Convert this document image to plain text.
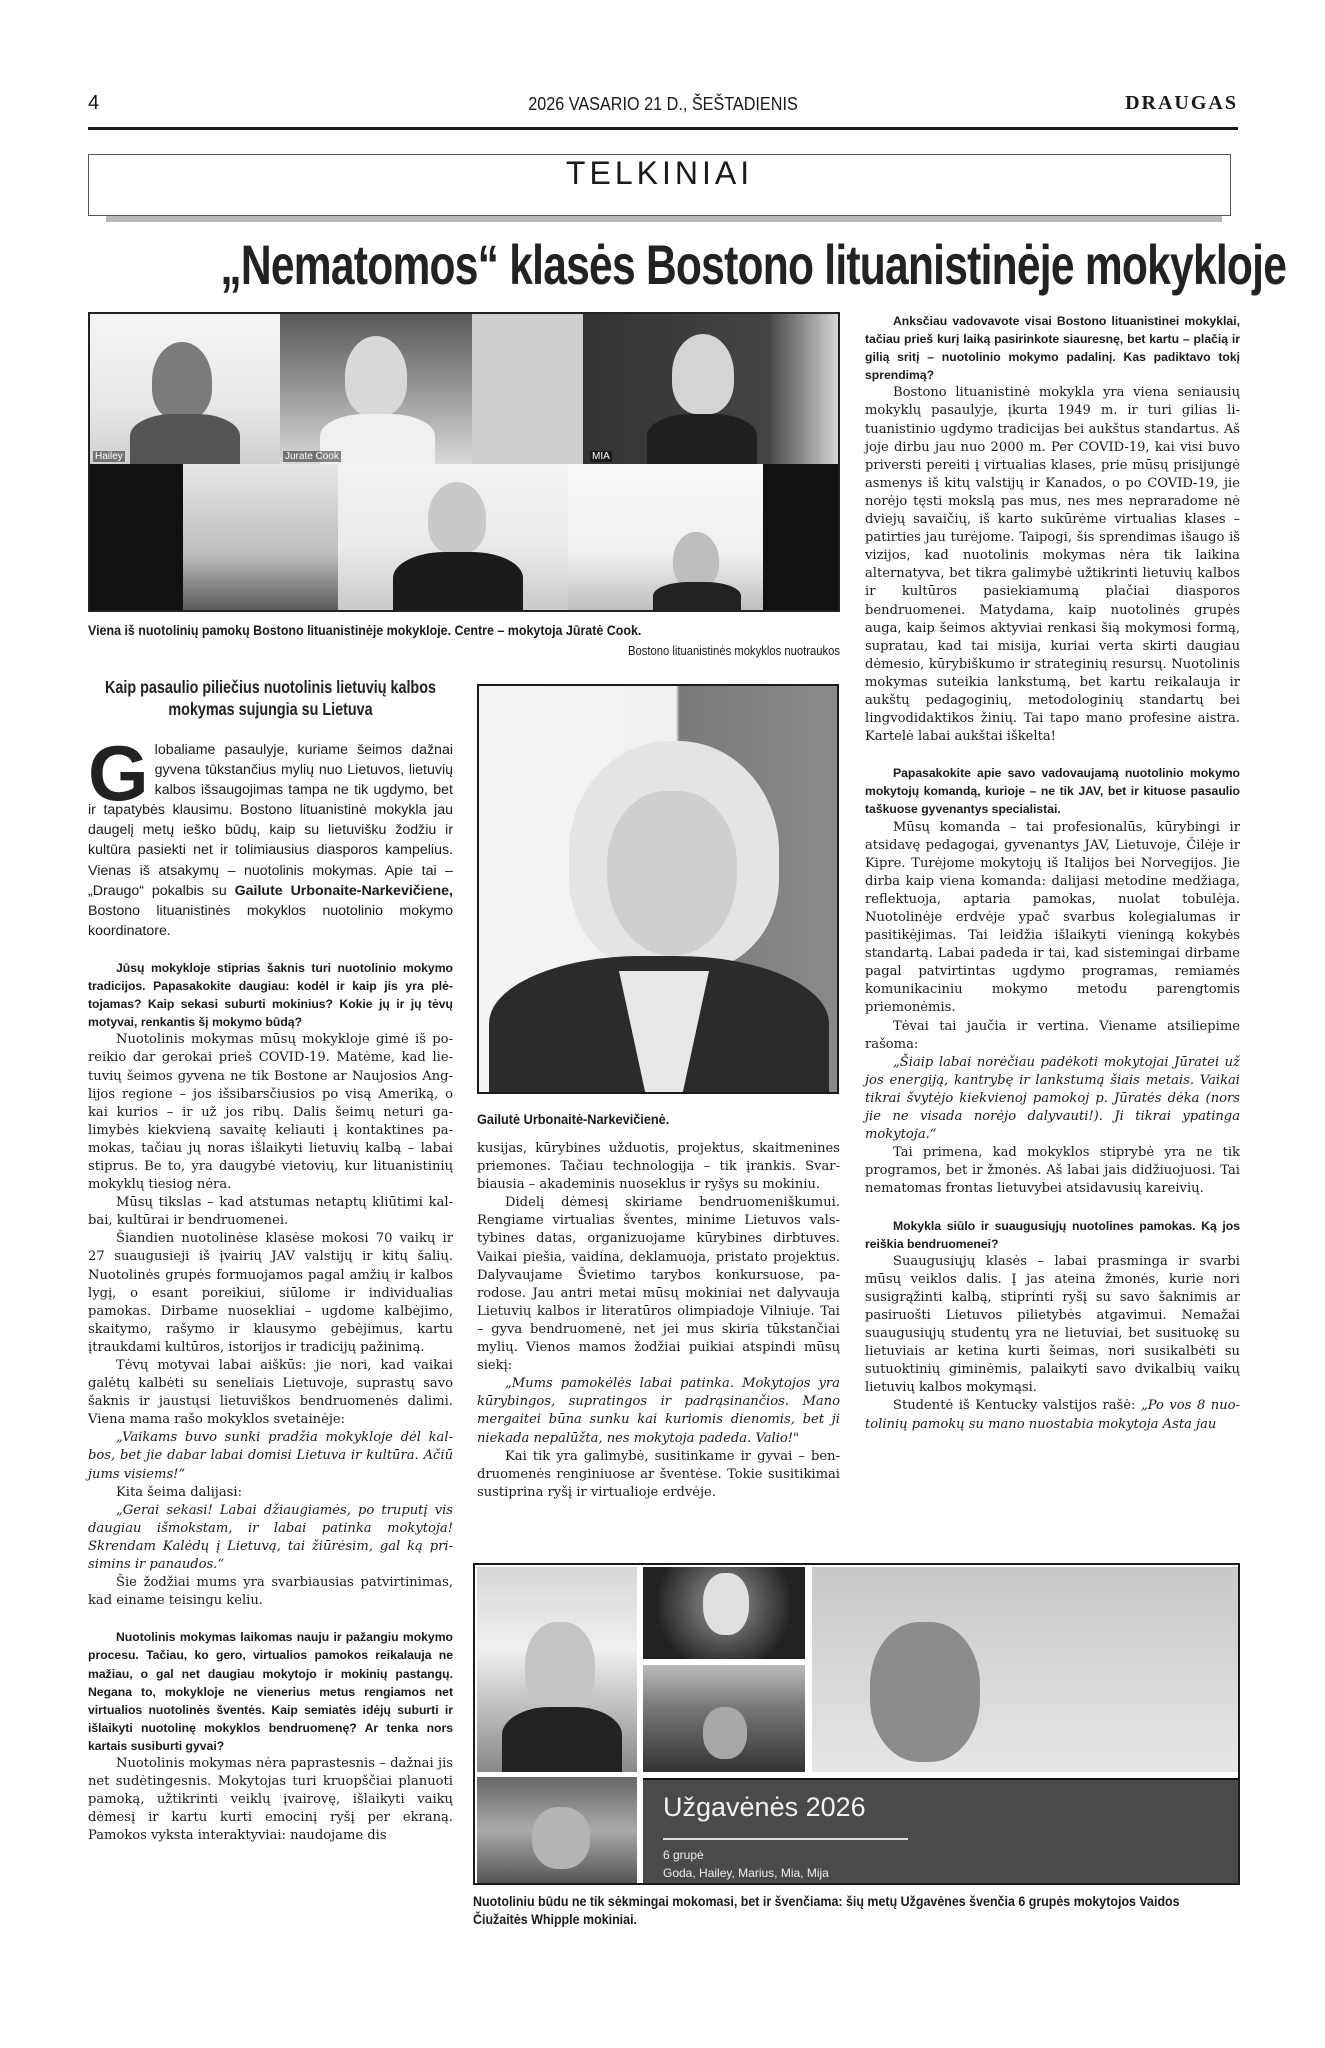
4	2026 VASARIO 21 D., ŠEŠTADIENIS	DRAUGAS
TELKINIAI
„Nematomos“ klasės Bostono lituanistinėje mokykloje
Hailey	Jurate Cook	MIA
Viena iš nuotolinių pamokų Bostono lituanistinėje mokykloje. Centre – mokytoja Jūratė Cook.
Bostono lituanistinės mokyklos nuotraukos
Kaip pasaulio piliečius nuotolinis lietuvių kalbos mokymas sujungia su Lietuva
Globaliame pasaulyje, kuriame šeimos dažnai gyvena tūkstančius mylių nuo Lietuvos, lietuvių kalbos išsaugojimas tampa ne tik ugdymo, bet ir tapatybės klausimu. Bostono lituanistinė mokykla jau daugelį metų ieško būdų, kaip su lietuvišku žodžiu ir kultūra pasiekti net ir tolimiausius diasporos kampelius. Vienas iš atsakymų – nuotolinis mokymas. Apie tai – „Draugo“ pokalbis su Gailute Urbonaite-Narkevičiene, Bostono lituanistinės mokyklos nuotolinio mokymo koordinatore.

Jūsų mokykloje stiprias šaknis turi nuotolinio mokymo tradicijos. Papasakokite daugiau: kodėl ir kaip jis yra plėtojamas? Kaip sekasi suburti mokinius? Kokie jų ir jų tėvų motyvai, renkantis šį mokymo būdą?

Nuotolinis mokymas mūsų mokykloje gimė iš poreikio dar gerokai prieš COVID-19. Matėme, kad lietuvių šeimos gyvena ne tik Bostone ar Naujosios Anglijos regione – jos išsibarsčiusios po visą Ameriką, o kai kurios – ir už jos ribų. Dalis šeimų neturi galimybės kiekvieną savaitę keliauti į kontaktines pamokas, tačiau jų noras išlaikyti lietuvių kalbą – labai stiprus. Be to, yra daugybė vietovių, kur lituanistinių mokyklų tiesiog nėra.

Mūsų tikslas – kad atstumas netaptų kliūtimi kalbai, kultūrai ir bendruomenei.

Šiandien nuotolinėse klasėse mokosi 70 vaikų ir 27 suaugusieji iš įvairių JAV valstijų ir kitų šalių. Nuotolinės grupės formuojamos pagal amžių ir kalbos lygį, o esant poreikiui, siūlome ir individualias pamokas. Dirbame nuosekliai – ugdome kalbėjimo, skaitymo, rašymo ir klausymo gebėjimus, kartu įtraukdami kultūros, istorijos ir tradicijų pažinimą.

Tėvų motyvai labai aiškūs: jie nori, kad vaikai galėtų kalbėti su seneliais Lietuvoje, suprastų savo šaknis ir jaustųsi lietuviškos bendruomenės dalimi. Viena mama rašo mokyklos svetainėje:

„Vaikams buvo sunki pradžia mokykloje dėl kalbos, bet jie dabar labai domisi Lietuva ir kultūra. Ačiū jums visiems!“

Kita šeima dalijasi:

„Gerai sekasi! Labai džiaugiamės, po truputį vis daugiau išmokstam, ir labai patinka mokytoja! Skrendam Kalėdų į Lietuvą, tai žiūrėsim, gal ką prisimins ir panaudos.“

Šie žodžiai mums yra svarbiausias patvirtinimas, kad einame teisingu keliu.

Nuotolinis mokymas laikomas nauju ir pažangiu mokymo procesu. Tačiau, ko gero, virtualios pamokos reikalauja ne mažiau, o gal net daugiau mokytojo ir mokinių pastangų. Negana to, mokykloje ne vienerius metus rengiamos net virtualios nuotolinės šventės. Kaip semiatės idėjų suburti ir išlaikyti nuotolinę mokyklos bendruomenę? Ar tenka nors kartais susiburti gyvai?

Nuotolinis mokymas nėra paprastesnis – dažnai jis net sudėtingesnis. Mokytojas turi kruopščiai planuoti pamoką, užtikrinti veiklų įvairovę, išlaikyti vaikų dėmesį ir kartu kurti emocinį ryšį per ekraną. Pamokos vyksta interaktyviai: naudojame dis

Gailutė Urbonaitė-Narkevičienė.

kusijas, kūrybines užduotis, projektus, skaitmenines priemones. Tačiau technologija – tik įrankis. Svarbiausia – akademinis nuoseklus ir ryšys su mokiniu.

Didelį dėmesį skiriame bendruomeniškumui. Rengiame virtualias šventes, minime Lietuvos valstybines datas, organizuojame kūrybines dirbtuves. Vaikai piešia, vaidina, deklamuoja, pristato projektus. Dalyvaujame Švietimo tarybos konkursuose, parodose. Jau antri metai mūsų mokiniai net dalyvauja Lietuvių kalbos ir literatūros olimpiadoje Vilniuje. Tai – gyva bendruomenė, net jei mus skiria tūkstančiai mylių. Vienos mamos žodžiai puikiai atspindi mūsų siekį:

„Mums pamokėlės labai patinka. Mokytojos yra kūrybingos, supratingos ir padrąsinančios. Mano mergaitei būna sunku kai kuriomis dienomis, bet ji niekada nepalūžta, nes mokytoja padeda. Valio!"

Kai tik yra galimybė, susitinkame ir gyvai – bendruomenės renginiuose ar šventėse. Tokie susitikimai sustiprina ryšį ir virtualioje erdvėje.

Anksčiau vadovavote visai Bostono lituanistinei mokyklai, tačiau prieš kurį laiką pasirinkote siauresnę, bet kartu – plačią ir gilią sritį – nuotolinio mokymo padalinį. Kas padiktavo tokį sprendimą?

Bostono lituanistinė mokykla yra viena seniausių mokyklų pasaulyje, įkurta 1949 m. ir turi gilias lituanistinio ugdymo tradicijas bei aukštus standartus. Aš joje dirbu jau nuo 2000 m. Per COVID-19, kai visi buvo priversti pereiti į virtualias klases, prie mūsų prisijungė asmenys iš kitų valstijų ir Kanados, o po COVID-19, jie norėjo tęsti mokslą pas mus, nes mes nepraradome nė dviejų savaičių, iš karto sukūrėme virtualias klases – patirties jau turėjome. Taipogi, šis sprendimas išaugo iš vizijos, kad nuotolinis mokymas nėra tik laikina alternatyva, bet tikra galimybė užtikrinti lietuvių kalbos ir kultūros pasiekiamumą plačiai diasporos bendruomenei. Matydama, kaip nuotolinės grupės auga, kaip šeimos aktyviai renkasi šią mokymosi formą, supratau, kad tai misija, kuriai verta skirti daugiau dėmesio, kūrybiškumo ir strateginių resursų. Nuotolinis mokymas suteikia lankstumą, bet kartu reikalauja ir aukštų pedagoginių, metodologinių standartų bei lingvodidaktikos žinių. Tai tapo mano profesine aistra. Kartelė labai aukštai iškelta!

Papasakokite apie savo vadovaujamą nuotolinio mokymo mokytojų komandą, kurioje – ne tik JAV, bet ir kituose pasaulio taškuose gyvenantys specialistai.

Mūsų komanda – tai profesionalūs, kūrybingi ir atsidavę pedagogai, gyvenantys JAV, Lietuvoje, Čilėje ir Kipre. Turėjome mokytojų iš Italijos bei Norvegijos. Jie dirba kaip viena komanda: dalijasi metodine medžiaga, reflektuoja, aptaria pamokas, nuolat tobulėja. Nuotolinėje erdvėje ypač svarbus kolegialumas ir pasitikėjimas. Tai leidžia išlaikyti vieningą kokybės standartą. Labai padeda ir tai, kad sistemingai dirbame pagal patvirtintas ugdymo programas, remiamės komunikaciniu mokymo metodu parengtomis priemonėmis.

Tėvai tai jaučia ir vertina. Viename atsiliepime rašoma:

„Šiaip labai norėčiau padėkoti mokytojai Jūratei už jos energiją, kantrybę ir lankstumą šiais metais. Vaikai tikrai švytėjo kiekvienoj pamokoj p. Jūratės dėka (nors jie ne visada norėjo dalyvauti!). Ji tikrai ypatinga mokytoja.“

Tai primena, kad mokyklos stiprybė yra ne tik programos, bet ir žmonės. Aš labai jais didžiuojuosi. Tai nematomas frontas lietuvybei atsidavusių kareivių.

Mokykla siūlo ir suaugusiųjų nuotolines pamokas. Ką jos reiškia bendruomenei?

Suaugusiųjų klasės – labai prasminga ir svarbi mūsų veiklos dalis. Į jas ateina žmonės, kurie nori susigrąžinti kalbą, stiprinti ryšį su savo šaknimis ar pasiruošti Lietuvos pilietybės atgavimui. Nemažai suaugusiųjų studentų yra ne lietuviai, bet susituokę su lietuviais ar ketina kurti šeimas, nori susikalbėti su sutuoktinių giminėmis, palaikyti savo dvikalbių vaikų lietuvių kalbos mokymąsi.

Studentė iš Kentucky valstijos rašė: „Po vos 8 nuotolinių pamokų su mano nuostabia mokytoja Asta jau

Užgavėnės 2026
6 grupė
Goda, Hailey, Marius, Mia, Mija
Nuotoliniu būdu ne tik sėkmingai mokomasi, bet ir švenčiama: šių metų Užgavėnes švenčia 6 grupės mokytojos Vaidos Čiužaitės Whipple mokiniai.
